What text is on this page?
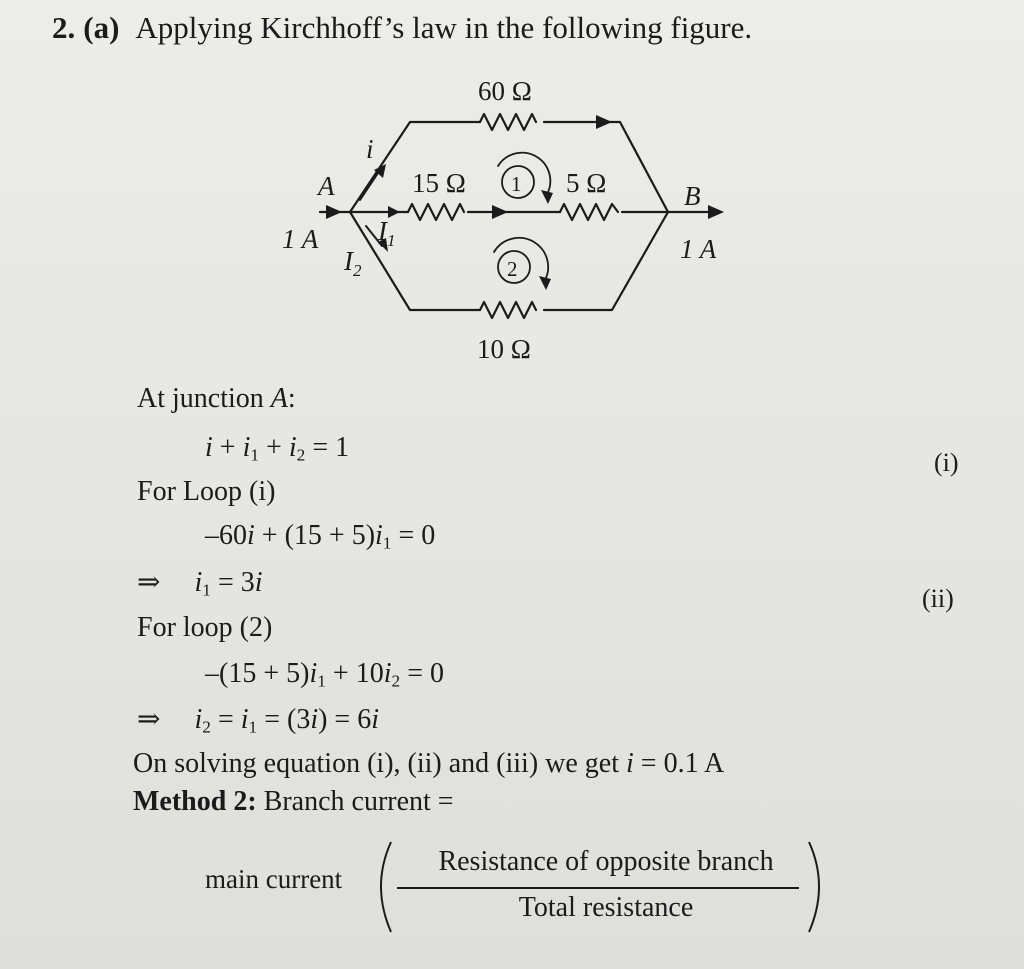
2. (a) Applying Kirchhoff’s law in the following figure.
60 Ω
15 Ω	5 Ω
10 Ω
1
2
A	B
1 A	1 A
i
$I_1$
$I_2$
At junction A:
$i + i_1 + i_2 = 1$	(i)
For Loop (i)
$-60i + (15 + 5)i_1 = 0$
⇒ $i_1 = 3i$
(ii)
For loop (2)
$-(15 + 5)i_1 + 10i_2 = 0$
⇒ $i_2 = i_1 = (3i) = 6i$
On solving equation (i), (ii) and (iii) we get i = 0.1 A
Method 2: Branch current =
main current
Resistance of opposite branch
Total resistance
